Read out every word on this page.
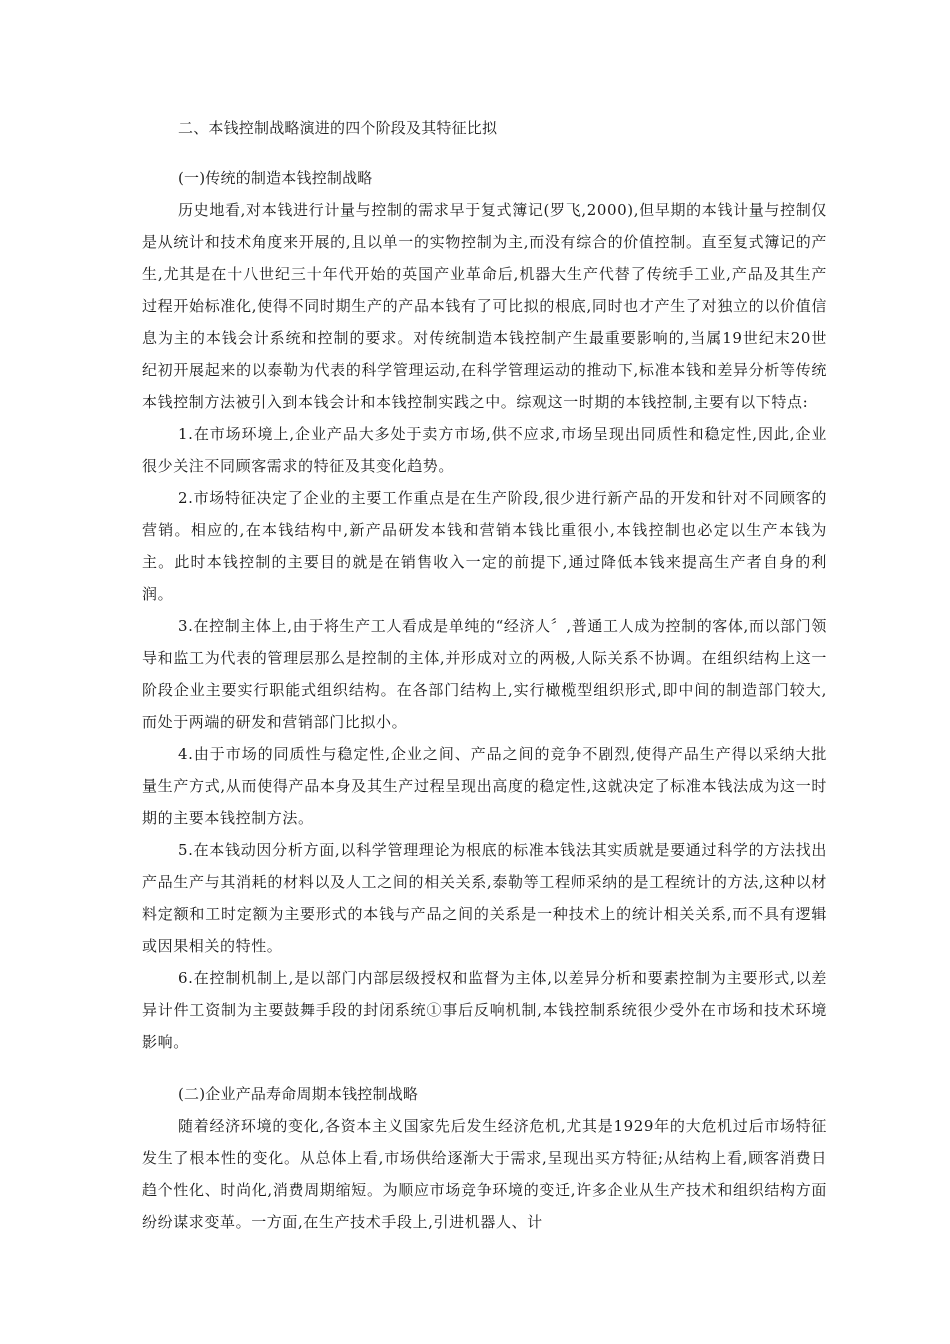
二、本钱控制战略演进的四个阶段及其特征比拟
(一)传统的制造本钱控制战略

历史地看,对本钱进行计量与控制的需求早于复式簿记(罗飞,2000),但早期的本钱计量与控制仅是从统计和技术角度来开展的,且以单一的实物控制为主,而没有综合的价值控制。直至复式簿记的产生,尤其是在十八世纪三十年代开始的英国产业革命后,机器大生产代替了传统手工业,产品及其生产过程开始标准化,使得不同时期生产的产品本钱有了可比拟的根底,同时也才产生了对独立的以价值信息为主的本钱会计系统和控制的要求。对传统制造本钱控制产生最重要影响的,当属19世纪末20世纪初开展起来的以泰勒为代表的科学管理运动,在科学管理运动的推动下,标准本钱和差异分析等传统本钱控制方法被引入到本钱会计和本钱控制实践之中。综观这一时期的本钱控制,主要有以下特点:

1.在市场环境上,企业产品大多处于卖方市场,供不应求,市场呈现出同质性和稳定性,因此,企业很少关注不同顾客需求的特征及其变化趋势。

2.市场特征决定了企业的主要工作重点是在生产阶段,很少进行新产品的开发和针对不同顾客的营销。相应的,在本钱结构中,新产品研发本钱和营销本钱比重很小,本钱控制也必定以生产本钱为主。此时本钱控制的主要目的就是在销售收入一定的前提下,通过降低本钱来提高生产者自身的利润。

3.在控制主体上,由于将生产工人看成是单纯的“经济人〞,普通工人成为控制的客体,而以部门领导和监工为代表的管理层那么是控制的主体,并形成对立的两极,人际关系不协调。在组织结构上这一阶段企业主要实行职能式组织结构。在各部门结构上,实行橄榄型组织形式,即中间的制造部门较大,而处于两端的研发和营销部门比拟小。

4.由于市场的同质性与稳定性,企业之间、产品之间的竞争不剧烈,使得产品生产得以采纳大批量生产方式,从而使得产品本身及其生产过程呈现出高度的稳定性,这就决定了标准本钱法成为这一时期的主要本钱控制方法。

5.在本钱动因分析方面,以科学管理理论为根底的标准本钱法其实质就是要通过科学的方法找出产品生产与其消耗的材料以及人工之间的相关关系,泰勒等工程师采纳的是工程统计的方法,这种以材料定额和工时定额为主要形式的本钱与产品之间的关系是一种技术上的统计相关关系,而不具有逻辑或因果相关的特性。

6.在控制机制上,是以部门内部层级授权和监督为主体,以差异分析和要素控制为主要形式,以差异计件工资制为主要鼓舞手段的封闭系统①事后反响机制,本钱控制系统很少受外在市场和技术环境影响。

(二)企业产品寿命周期本钱控制战略

随着经济环境的变化,各资本主义国家先后发生经济危机,尤其是1929年的大危机过后市场特征发生了根本性的变化。从总体上看,市场供给逐渐大于需求,呈现出买方特征;从结构上看,顾客消费日趋个性化、时尚化,消费周期缩短。为顺应市场竞争环境的变迁,许多企业从生产技术和组织结构方面纷纷谋求变革。一方面,在生产技术手段上,引进机器人、计
